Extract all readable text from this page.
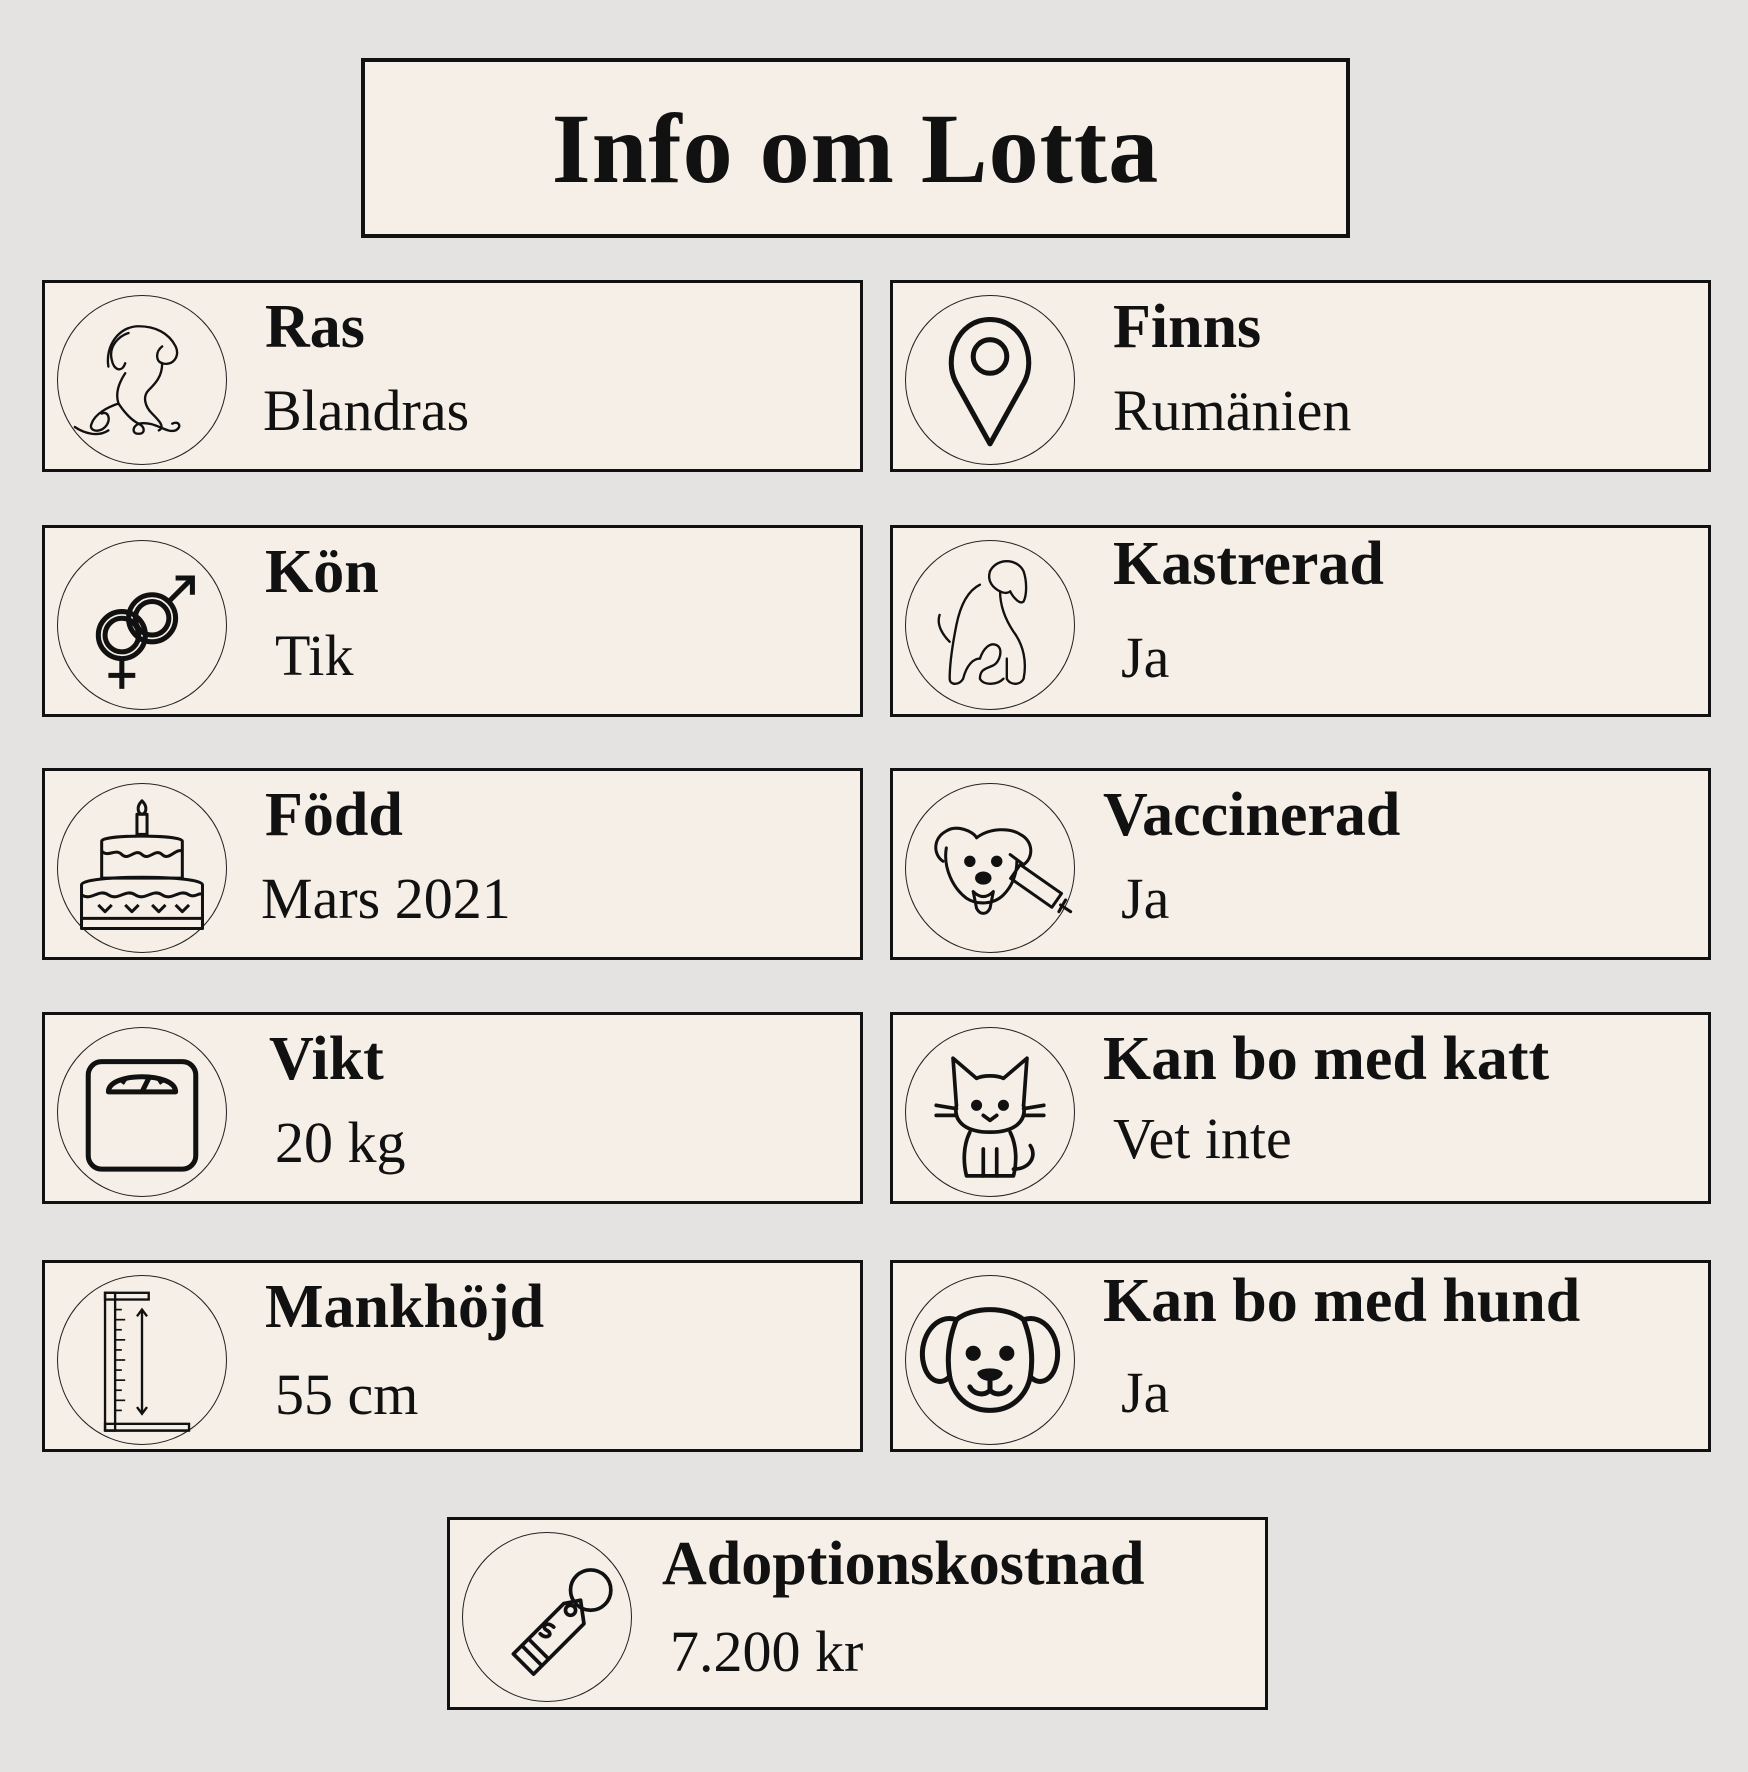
Info om Lotta
Ras
Blandras
Finns
Rumänien
Kön
Tik
Kastrerad
Ja
Född
Mars 2021
Vaccinerad
Ja
Vikt
20 kg
Kan bo med katt
Vet inte
Mankhöjd
55 cm
Kan bo med hund
Ja
Adoptionskostnad
7.200 kr
